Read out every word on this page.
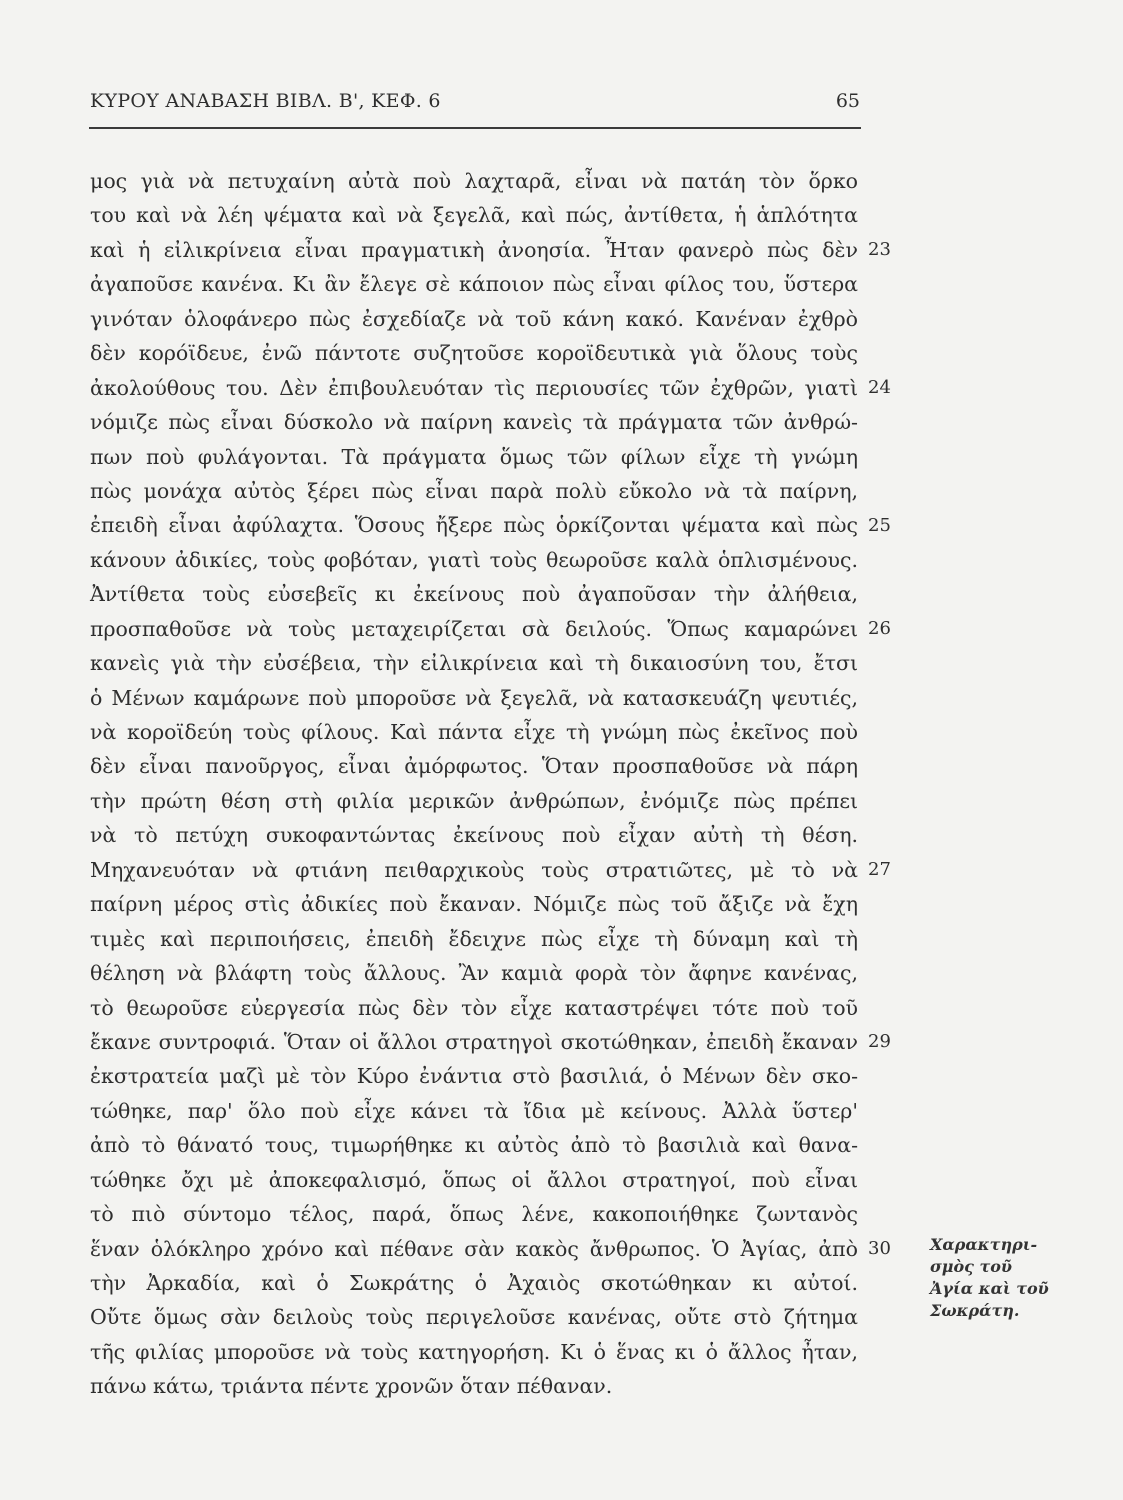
ΚΥΡΟΥ ΑΝΑΒΑΣΗ ΒΙΒΛ. Β', ΚΕΦ. 6	65
μος γιὰ νὰ πετυχαίνη αὐτὰ ποὺ λαχταρᾶ, εἶναι νὰ πατάη τὸν ὅρκο
του καὶ νὰ λέη ψέματα καὶ νὰ ξεγελᾶ, καὶ πώς, ἀντίθετα, ἡ ἁπλότητα
καὶ ἡ εἰλικρίνεια εἶναι πραγματικὴ ἀνοησία. Ἦταν φανερὸ πὼς δὲν
ἀγαποῦσε κανένα. Κι ἂν ἔλεγε σὲ κάποιον πὼς εἶναι φίλος του, ὕστερα
γινόταν ὁλοφάνερο πὼς ἐσχεδίαζε νὰ τοῦ κάνη κακό. Κανέναν ἐχθρὸ
δὲν κορόϊδευε, ἐνῶ πάντοτε συζητοῦσε κοροϊδευτικὰ γιὰ ὅλους τοὺς
ἀκολούθους του. Δὲν ἐπιβουλευόταν τὶς περιουσίες τῶν ἐχθρῶν, γιατὶ
νόμιζε πὼς εἶναι δύσκολο νὰ παίρνη κανεὶς τὰ πράγματα τῶν ἀνθρώ-
πων ποὺ φυλάγονται. Τὰ πράγματα ὅμως τῶν φίλων εἶχε τὴ γνώμη
πὼς μονάχα αὐτὸς ξέρει πὼς εἶναι παρὰ πολὺ εὔκολο νὰ τὰ παίρνη,
ἐπειδὴ εἶναι ἀφύλαχτα. Ὅσους ἤξερε πὼς ὁρκίζονται ψέματα καὶ πὼς
κάνουν ἀδικίες, τοὺς φοβόταν, γιατὶ τοὺς θεωροῦσε καλὰ ὁπλισμένους.
Ἀντίθετα τοὺς εὐσεβεῖς κι ἐκείνους ποὺ ἀγαποῦσαν τὴν ἀλήθεια,
προσπαθοῦσε νὰ τοὺς μεταχειρίζεται σὰ δειλούς. Ὅπως καμαρώνει
κανεὶς γιὰ τὴν εὐσέβεια, τὴν εἰλικρίνεια καὶ τὴ δικαιοσύνη του, ἔτσι
ὁ Μένων καμάρωνε ποὺ μποροῦσε νὰ ξεγελᾶ, νὰ κατασκευάζη ψευτιές,
νὰ κοροϊδεύη τοὺς φίλους. Καὶ πάντα εἶχε τὴ γνώμη πὼς ἐκεῖνος ποὺ
δὲν εἶναι πανοῦργος, εἶναι ἀμόρφωτος. Ὅταν προσπαθοῦσε νὰ πάρη
τὴν πρώτη θέση στὴ φιλία μερικῶν ἀνθρώπων, ἐνόμιζε πὼς πρέπει
νὰ τὸ πετύχη συκοφαντώντας ἐκείνους ποὺ εἶχαν αὐτὴ τὴ θέση.
Μηχανευόταν νὰ φτιάνη πειθαρχικοὺς τοὺς στρατιῶτες, μὲ τὸ νὰ
παίρνη μέρος στὶς ἀδικίες ποὺ ἔκαναν. Νόμιζε πὼς τοῦ ἄξιζε νὰ ἔχη
τιμὲς καὶ περιποιήσεις, ἐπειδὴ ἔδειχνε πὼς εἶχε τὴ δύναμη καὶ τὴ
θέληση νὰ βλάφτη τοὺς ἄλλους. Ἂν καμιὰ φορὰ τὸν ἄφηνε κανένας,
τὸ θεωροῦσε εὐεργεσία πὼς δὲν τὸν εἶχε καταστρέψει τότε ποὺ τοῦ
ἔκανε συντροφιά. Ὅταν οἱ ἄλλοι στρατηγοὶ σκοτώθηκαν, ἐπειδὴ ἔκαναν
ἐκστρατεία μαζὶ μὲ τὸν Κύρο ἐνάντια στὸ βασιλιά, ὁ Μένων δὲν σκο-
τώθηκε, παρ' ὅλο ποὺ εἶχε κάνει τὰ ἴδια μὲ κείνους. Ἀλλὰ ὕστερ'
ἀπὸ τὸ θάνατό τους, τιμωρήθηκε κι αὐτὸς ἀπὸ τὸ βασιλιὰ καὶ θανα-
τώθηκε ὄχι μὲ ἀποκεφαλισμό, ὅπως οἱ ἄλλοι στρατηγοί, ποὺ εἶναι
τὸ πιὸ σύντομο τέλος, παρά, ὅπως λένε, κακοποιήθηκε ζωντανὸς
ἕναν ὁλόκληρο χρόνο καὶ πέθανε σὰν κακὸς ἄνθρωπος. Ὁ Ἀγίας, ἀπὸ
τὴν Ἀρκαδία, καὶ ὁ Σωκράτης ὁ Ἀχαιὸς σκοτώθηκαν κι αὐτοί.
Οὔτε ὅμως σὰν δειλοὺς τοὺς περιγελοῦσε κανένας, οὔτε στὸ ζήτημα
τῆς φιλίας μποροῦσε νὰ τοὺς κατηγορήση. Κι ὁ ἕνας κι ὁ ἄλλος ἦταν,
πάνω κάτω, τριάντα πέντε χρονῶν ὅταν πέθαναν.
23
24
25
26
27
29
30 Χαρακτηρι-
σμὸς τοῦ
Ἀγία καὶ τοῦ
Σωκράτη.
